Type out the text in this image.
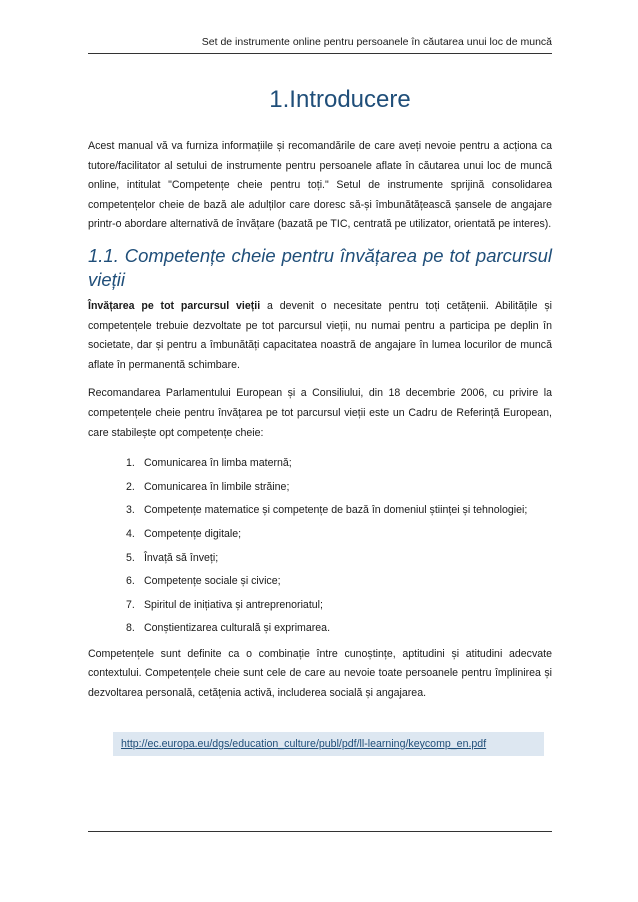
Set de instrumente online pentru persoanele în căutarea unui loc de muncă
1.Introducere

Acest manual vă va furniza informațiile și recomandările de care aveți nevoie pentru a acționa ca tutore/facilitator al setului de instrumente pentru persoanele aflate în căutarea unui loc de muncă online, intitulat "Competențe cheie pentru toți." Setul de instrumente sprijină consolidarea competențelor cheie de bază ale adulților care doresc să-și îmbunătățească șansele de angajare printr-o abordare alternativă de învățare (bazată pe TIC, centrată pe utilizator, orientată pe interes).

1.1. Competențe cheie pentru învățarea pe tot parcursul vieții

Învățarea pe tot parcursul vieții a devenit o necesitate pentru toți cetățenii. Abilitățile și competențele trebuie dezvoltate pe tot parcursul vieții, nu numai pentru a participa pe deplin în societate, dar și pentru a îmbunătăți capacitatea noastră de angajare în lumea locurilor de muncă aflate în permanentă schimbare.

Recomandarea Parlamentului European și a Consiliului, din 18 decembrie 2006, cu privire la competențele cheie pentru învățarea pe tot parcursul vieții este un Cadru de Referință European, care stabilește opt competențe cheie:

1. Comunicarea în limba maternă;
2. Comunicarea în limbile străine;
3. Competențe matematice și competențe de bază în domeniul științei și tehnologiei;
4. Competențe digitale;
5. Învață să înveți;
6. Competențe sociale și civice;
7. Spiritul de inițiativa și antreprenoriatul;
8. Conștientizarea culturală și exprimarea.

Competențele sunt definite ca o combinație între cunoștințe, aptitudini și atitudini adecvate contextului. Competențele cheie sunt cele de care au nevoie toate persoanele pentru împlinirea și dezvoltarea personală, cetățenia activă, includerea socială și angajarea.

http://ec.europa.eu/dgs/education_culture/publ/pdf/ll-learning/keycomp_en.pdf
